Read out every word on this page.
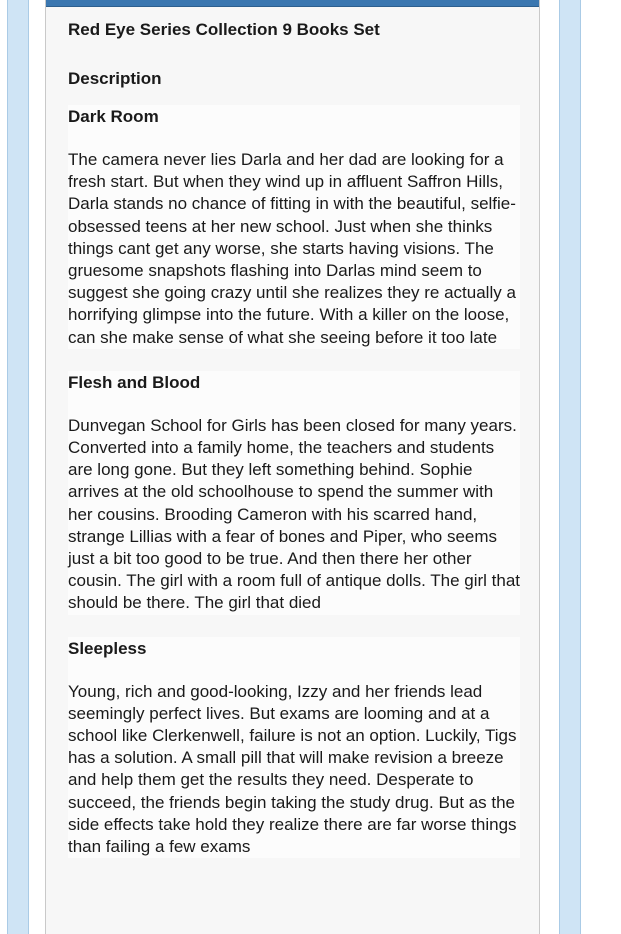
Red Eye Series Collection 9 Books Set
Description
Dark Room
The camera never lies Darla and her dad are looking for a fresh start. But when they wind up in affluent Saffron Hills, Darla stands no chance of fitting in with the beautiful, selfie-obsessed teens at her new school. Just when she thinks things cant get any worse, she starts having visions. The gruesome snapshots flashing into Darlas mind seem to suggest she going crazy until she realizes they re actually a horrifying glimpse into the future. With a killer on the loose, can she make sense of what she seeing before it too late
Flesh and Blood
Dunvegan School for Girls has been closed for many years. Converted into a family home, the teachers and students are long gone. But they left something behind. Sophie arrives at the old schoolhouse to spend the summer with her cousins. Brooding Cameron with his scarred hand, strange Lillias with a fear of bones and Piper, who seems just a bit too good to be true. And then there her other cousin. The girl with a room full of antique dolls. The girl that should be there. The girl that died
Sleepless
Young, rich and good-looking, Izzy and her friends lead seemingly perfect lives. But exams are looming and at a school like Clerkenwell, failure is not an option. Luckily, Tigs has a solution. A small pill that will make revision a breeze and help them get the results they need. Desperate to succeed, the friends begin taking the study drug. But as the side effects take hold they realize there are far worse things than failing a few exams
